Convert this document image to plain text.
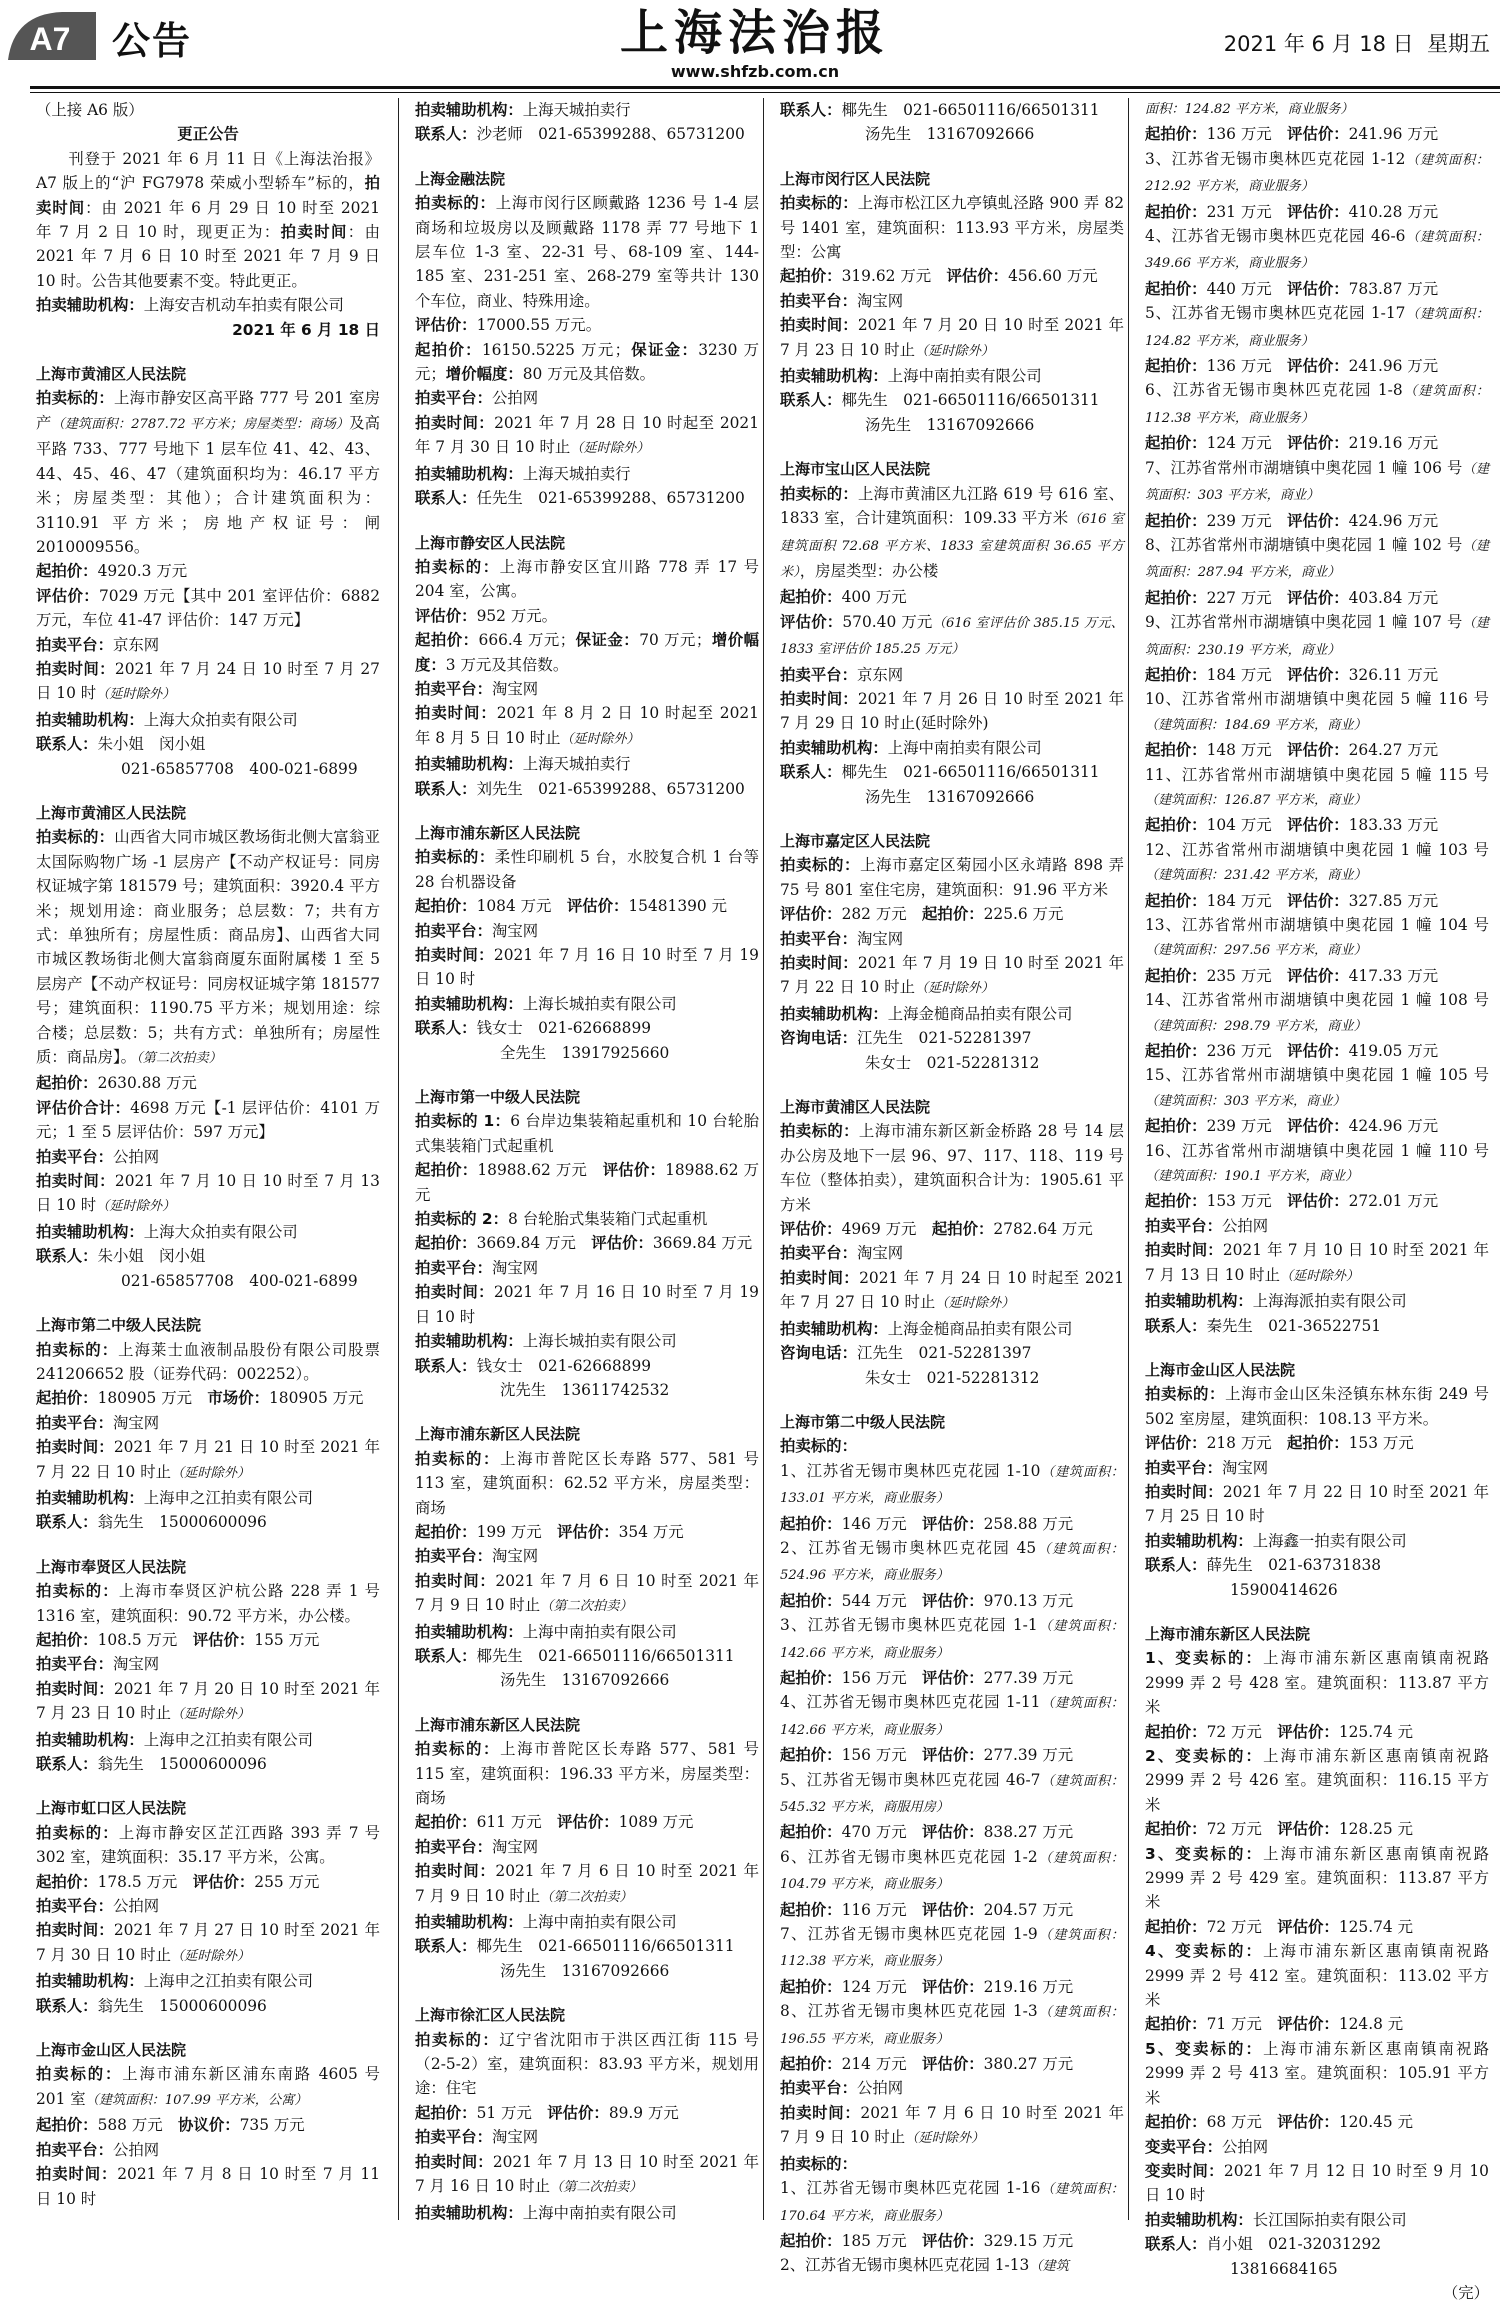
A7 公告	上海法治报
www.shfzb.com.cn
2021 年 6 月 18 日 星期五

（上接 A6 版）

更正公告

　　刊登于 2021 年 6 月 11 日《上海法治报》A7 版上的“沪 FG7978 荣威小型轿车”标的，拍卖时间：由 2021 年 6 月 29 日 10 时至 2021 年 7 月 2 日 10 时，现更正为：拍卖时间：由 2021 年 7 月 6 日 10 时至 2021 年 7 月 9 日 10 时。公告其他要素不变。特此更正。

拍卖辅助机构：上海安吉机动车拍卖有限公司

2021 年 6 月 18 日

上海市黄浦区人民法院

拍卖标的：上海市静安区高平路 777 号 201 室房产（建筑面积：2787.72 平方米；房屋类型：商场）及高平路 733、777 号地下 1 层车位 41、42、43、44、45、46、47（建筑面积均为：46.17 平方米；房屋类型：其他）；合计建筑面积为：3110.91 平方米；房地产权证号：闸 2010009556。

起拍价：4920.3 万元

评估价：7029 万元【其中 201 室评估价：6882 万元，车位 41-47 评估价：147 万元】

拍卖平台：京东网

拍卖时间：2021 年 7 月 24 日 10 时至 7 月 27 日 10 时（延时除外）

拍卖辅助机构：上海大众拍卖有限公司

联系人：朱小姐　闵小姐

021-65857708　400-021-6899

上海市黄浦区人民法院

拍卖标的：山西省大同市城区教场街北侧大富翁亚太国际购物广场 -1 层房产【不动产权证号：同房权证城字第 181579 号；建筑面积：3920.4 平方米；规划用途：商业服务；总层数：7；共有方式：单独所有；房屋性质：商品房】、山西省大同市城区教场街北侧大富翁商厦东面附属楼 1 至 5 层房产【不动产权证号：同房权证城字第 181577 号；建筑面积：1190.75 平方米；规划用途：综合楼；总层数：5；共有方式：单独所有；房屋性质：商品房】。（第二次拍卖）

起拍价：2630.88 万元

评估价合计：4698 万元【-1 层评估价：4101 万元；1 至 5 层评估价：597 万元】

拍卖平台：公拍网

拍卖时间：2021 年 7 月 10 日 10 时至 7 月 13 日 10 时（延时除外）

拍卖辅助机构：上海大众拍卖有限公司

联系人：朱小姐　闵小姐

021-65857708　400-021-6899

上海市第二中级人民法院

拍卖标的：上海莱士血液制品股份有限公司股票 241206652 股（证券代码：002252）。

起拍价：180905 万元　市场价：180905 万元

拍卖平台：淘宝网

拍卖时间：2021 年 7 月 21 日 10 时至 2021 年 7 月 22 日 10 时止（延时除外）

拍卖辅助机构：上海申之江拍卖有限公司

联系人：翁先生　15000600096

上海市奉贤区人民法院

拍卖标的：上海市奉贤区沪杭公路 228 弄 1 号 1316 室，建筑面积：90.72 平方米，办公楼。

起拍价：108.5 万元　评估价：155 万元

拍卖平台：淘宝网

拍卖时间：2021 年 7 月 20 日 10 时至 2021 年 7 月 23 日 10 时止（延时除外）

拍卖辅助机构：上海申之江拍卖有限公司

联系人：翁先生　15000600096

上海市虹口区人民法院

拍卖标的：上海市静安区芷江西路 393 弄 7 号 302 室，建筑面积：35.17 平方米，公寓。

起拍价：178.5 万元　评估价：255 万元

拍卖平台：公拍网

拍卖时间：2021 年 7 月 27 日 10 时至 2021 年 7 月 30 日 10 时止（延时除外）

拍卖辅助机构：上海申之江拍卖有限公司

联系人：翁先生　15000600096

上海市金山区人民法院

拍卖标的：上海市浦东新区浦东南路 4605 号 201 室（建筑面积：107.99 平方米，公寓）

起拍价：588 万元　协议价：735 万元

拍卖平台：公拍网

拍卖时间：2021 年 7 月 8 日 10 时至 7 月 11 日 10 时

拍卖辅助机构：上海天城拍卖行

联系人：沙老师　021-65399288、65731200

上海金融法院

拍卖标的：上海市闵行区顾戴路 1236 号 1-4 层商场和垃圾房以及顾戴路 1178 弄 77 号地下 1 层车位 1-3 室、22-31 号、68-109 室、144-185 室、231-251 室、268-279 室等共计 130 个车位，商业、特殊用途。

评估价：17000.55 万元。

起拍价：16150.5225 万元；保证金：3230 万元；增价幅度：80 万元及其倍数。

拍卖平台：公拍网

拍卖时间：2021 年 7 月 28 日 10 时起至 2021 年 7 月 30 日 10 时止（延时除外）

拍卖辅助机构：上海天城拍卖行

联系人：任先生　021-65399288、65731200

上海市静安区人民法院

拍卖标的：上海市静安区宜川路 778 弄 17 号 204 室，公寓。

评估价：952 万元。

起拍价：666.4 万元；保证金：70 万元；增价幅度：3 万元及其倍数。

拍卖平台：淘宝网

拍卖时间：2021 年 8 月 2 日 10 时起至 2021 年 8 月 5 日 10 时止（延时除外）

拍卖辅助机构：上海天城拍卖行

联系人：刘先生　021-65399288、65731200

上海市浦东新区人民法院

拍卖标的：柔性印刷机 5 台，水胶复合机 1 台等 28 台机器设备

起拍价：1084 万元　评估价：15481390 元

拍卖平台：淘宝网

拍卖时间：2021 年 7 月 16 日 10 时至 7 月 19 日 10 时

拍卖辅助机构：上海长城拍卖有限公司

联系人：钱女士　021-62668899

全先生　13917925660

上海市第一中级人民法院

拍卖标的 1：6 台岸边集装箱起重机和 10 台轮胎式集装箱门式起重机

起拍价：18988.62 万元　评估价：18988.62 万元

拍卖标的 2：8 台轮胎式集装箱门式起重机

起拍价：3669.84 万元　评估价：3669.84 万元

拍卖平台：淘宝网

拍卖时间：2021 年 7 月 16 日 10 时至 7 月 19 日 10 时

拍卖辅助机构：上海长城拍卖有限公司

联系人：钱女士　021-62668899

沈先生　13611742532

上海市浦东新区人民法院

拍卖标的：上海市普陀区长寿路 577、581 号 113 室，建筑面积：62.52 平方米，房屋类型：商场

起拍价：199 万元　评估价：354 万元

拍卖平台：淘宝网

拍卖时间：2021 年 7 月 6 日 10 时至 2021 年 7 月 9 日 10 时止（第二次拍卖）

拍卖辅助机构：上海中南拍卖有限公司

联系人：椰先生　021-66501116/66501311

汤先生　13167092666

上海市浦东新区人民法院

拍卖标的：上海市普陀区长寿路 577、581 号 115 室，建筑面积：196.33 平方米，房屋类型：商场

起拍价：611 万元　评估价：1089 万元

拍卖平台：淘宝网

拍卖时间：2021 年 7 月 6 日 10 时至 2021 年 7 月 9 日 10 时止（第二次拍卖）

拍卖辅助机构：上海中南拍卖有限公司

联系人：椰先生　021-66501116/66501311

汤先生　13167092666

上海市徐汇区人民法院

拍卖标的：辽宁省沈阳市于洪区西江街 115 号（2-5-2）室，建筑面积：83.93 平方米，规划用途：住宅

起拍价：51 万元　评估价：89.9 万元

拍卖平台：淘宝网

拍卖时间：2021 年 7 月 13 日 10 时至 2021 年 7 月 16 日 10 时止（第二次拍卖）

拍卖辅助机构：上海中南拍卖有限公司

联系人：椰先生　021-66501116/66501311

汤先生　13167092666

上海市闵行区人民法院

拍卖标的：上海市松江区九亭镇虬泾路 900 弄 82 号 1401 室，建筑面积：113.93 平方米，房屋类型：公寓

起拍价：319.62 万元　评估价：456.60 万元

拍卖平台：淘宝网

拍卖时间：2021 年 7 月 20 日 10 时至 2021 年 7 月 23 日 10 时止（延时除外）

拍卖辅助机构：上海中南拍卖有限公司

联系人：椰先生　021-66501116/66501311

汤先生　13167092666

上海市宝山区人民法院

拍卖标的：上海市黄浦区九江路 619 号 616 室、1833 室，合计建筑面积：109.33 平方米（616 室建筑面积 72.68 平方米、1833 室建筑面积 36.65 平方米），房屋类型：办公楼

起拍价：400 万元

评估价：570.40 万元（616 室评估价 385.15 万元、1833 室评估价 185.25 万元）

拍卖平台：京东网

拍卖时间：2021 年 7 月 26 日 10 时至 2021 年 7 月 29 日 10 时止(延时除外)

拍卖辅助机构：上海中南拍卖有限公司

联系人：椰先生　021-66501116/66501311

汤先生　13167092666

上海市嘉定区人民法院

拍卖标的：上海市嘉定区菊园小区永靖路 898 弄 75 号 801 室住宅房，建筑面积：91.96 平方米

评估价：282 万元　起拍价：225.6 万元

拍卖平台：淘宝网

拍卖时间：2021 年 7 月 19 日 10 时至 2021 年 7 月 22 日 10 时止（延时除外）

拍卖辅助机构：上海金槌商品拍卖有限公司

咨询电话：江先生　021-52281397

朱女士　021-52281312

上海市黄浦区人民法院

拍卖标的：上海市浦东新区新金桥路 28 号 14 层办公房及地下一层 96、97、117、118、119 号车位（整体拍卖），建筑面积合计为：1905.61 平方米

评估价：4969 万元　起拍价：2782.64 万元

拍卖平台：淘宝网

拍卖时间：2021 年 7 月 24 日 10 时起至 2021 年 7 月 27 日 10 时止（延时除外）

拍卖辅助机构：上海金槌商品拍卖有限公司

咨询电话：江先生　021-52281397

朱女士　021-52281312

上海市第二中级人民法院

拍卖标的：

1、江苏省无锡市奥林匹克花园 1-10（建筑面积：133.01 平方米，商业服务）

起拍价：146 万元　 评估价：258.88 万元

2、江苏省无锡市奥林匹克花园 45（建筑面积：524.96 平方米，商业服务）

起拍价：544 万元　 评估价：970.13 万元

3、江苏省无锡市奥林匹克花园 1-1（建筑面积：142.66 平方米，商业服务）

起拍价：156 万元　 评估价：277.39 万元

4、江苏省无锡市奥林匹克花园 1-11（建筑面积：142.66 平方米，商业服务）

起拍价：156 万元　 评估价：277.39 万元

5、江苏省无锡市奥林匹克花园 46-7（建筑面积：545.32 平方米，商服用房）

起拍价：470 万元　 评估价：838.27 万元

6、江苏省无锡市奥林匹克花园 1-2（建筑面积：104.79 平方米，商业服务）

起拍价：116 万元　 评估价：204.57 万元

7、江苏省无锡市奥林匹克花园 1-9（建筑面积：112.38 平方米，商业服务）

起拍价：124 万元　 评估价：219.16 万元

8、江苏省无锡市奥林匹克花园 1-3（建筑面积：196.55 平方米，商业服务）

起拍价：214 万元　 评估价：380.27 万元

拍卖平台：公拍网

拍卖时间：2021 年 7 月 6 日 10 时至 2021 年 7 月 9 日 10 时止（延时除外）

拍卖标的：

1、江苏省无锡市奥林匹克花园 1-16（建筑面积：170.64 平方米，商业服务）

起拍价：185 万元　 评估价：329.15 万元

2、江苏省无锡市奥林匹克花园 1-13（建筑

面积：124.82 平方米，商业服务）

起拍价：136 万元　 评估价：241.96 万元

3、江苏省无锡市奥林匹克花园 1-12（建筑面积：212.92 平方米，商业服务）

起拍价：231 万元　 评估价：410.28 万元

4、江苏省无锡市奥林匹克花园 46-6（建筑面积：349.66 平方米，商业服务）

起拍价：440 万元　 评估价：783.87 万元

5、江苏省无锡市奥林匹克花园 1-17（建筑面积：124.82 平方米，商业服务）

起拍价：136 万元　 评估价：241.96 万元

6、江苏省无锡市奥林匹克花园 1-8（建筑面积：112.38 平方米，商业服务）

起拍价：124 万元　 评估价：219.16 万元

7、江苏省常州市湖塘镇中奥花园 1 幢 106 号（建筑面积：303 平方米，商业）

起拍价：239 万元　 评估价：424.96 万元

8、江苏省常州市湖塘镇中奥花园 1 幢 102 号（建筑面积：287.94 平方米，商业）

起拍价：227 万元　 评估价：403.84 万元

9、江苏省常州市湖塘镇中奥花园 1 幢 107 号（建筑面积：230.19 平方米，商业）

起拍价：184 万元　 评估价：326.11 万元

10、江苏省常州市湖塘镇中奥花园 5 幢 116 号（建筑面积：184.69 平方米，商业）

起拍价：148 万元　 评估价：264.27 万元

11、江苏省常州市湖塘镇中奥花园 5 幢 115 号（建筑面积：126.87 平方米，商业）

起拍价：104 万元　 评估价：183.33 万元

12、江苏省常州市湖塘镇中奥花园 1 幢 103 号（建筑面积：231.42 平方米，商业）

起拍价：184 万元　 评估价：327.85 万元

13、江苏省常州市湖塘镇中奥花园 1 幢 104 号（建筑面积：297.56 平方米，商业）

起拍价：235 万元　 评估价：417.33 万元

14、江苏省常州市湖塘镇中奥花园 1 幢 108 号（建筑面积：298.79 平方米，商业）

起拍价：236 万元　 评估价：419.05 万元

15、江苏省常州市湖塘镇中奥花园 1 幢 105 号（建筑面积：303 平方米，商业）

起拍价：239 万元　 评估价：424.96 万元

16、江苏省常州市湖塘镇中奥花园 1 幢 110 号（建筑面积：190.1 平方米，商业）

起拍价：153 万元　 评估价：272.01 万元

拍卖平台：公拍网

拍卖时间：2021 年 7 月 10 日 10 时至 2021 年 7 月 13 日 10 时止（延时除外）

拍卖辅助机构：上海海派拍卖有限公司

联系人：秦先生　021-36522751

上海市金山区人民法院

拍卖标的：上海市金山区朱泾镇东林东街 249 号 502 室房屋，建筑面积：108.13 平方米。

评估价：218 万元　起拍价：153 万元

拍卖平台：淘宝网

拍卖时间：2021 年 7 月 22 日 10 时至 2021 年 7 月 25 日 10 时

拍卖辅助机构：上海鑫一拍卖有限公司

联系人：薛先生　021-63731838

15900414626

上海市浦东新区人民法院

1、变卖标的：上海市浦东新区惠南镇南祝路 2999 弄 2 号 428 室。建筑面积：113.87 平方米

起拍价：72 万元　 评估价：125.74 元

2、变卖标的：上海市浦东新区惠南镇南祝路 2999 弄 2 号 426 室。建筑面积：116.15 平方米

起拍价：72 万元　 评估价：128.25 元

3、变卖标的：上海市浦东新区惠南镇南祝路 2999 弄 2 号 429 室。建筑面积：113.87 平方米

起拍价：72 万元　 评估价：125.74 元

4、变卖标的：上海市浦东新区惠南镇南祝路 2999 弄 2 号 412 室。建筑面积：113.02 平方米

起拍价：71 万元　 评估价：124.8 元

5、变卖标的：上海市浦东新区惠南镇南祝路 2999 弄 2 号 413 室。建筑面积：105.91 平方米

起拍价：68 万元　 评估价：120.45 元

变卖平台：公拍网

变卖时间：2021 年 7 月 12 日 10 时至 9 月 10 日 10 时

拍卖辅助机构：长江国际拍卖有限公司

联系人：肖小姐　021-32031292

13816684165

（完）
